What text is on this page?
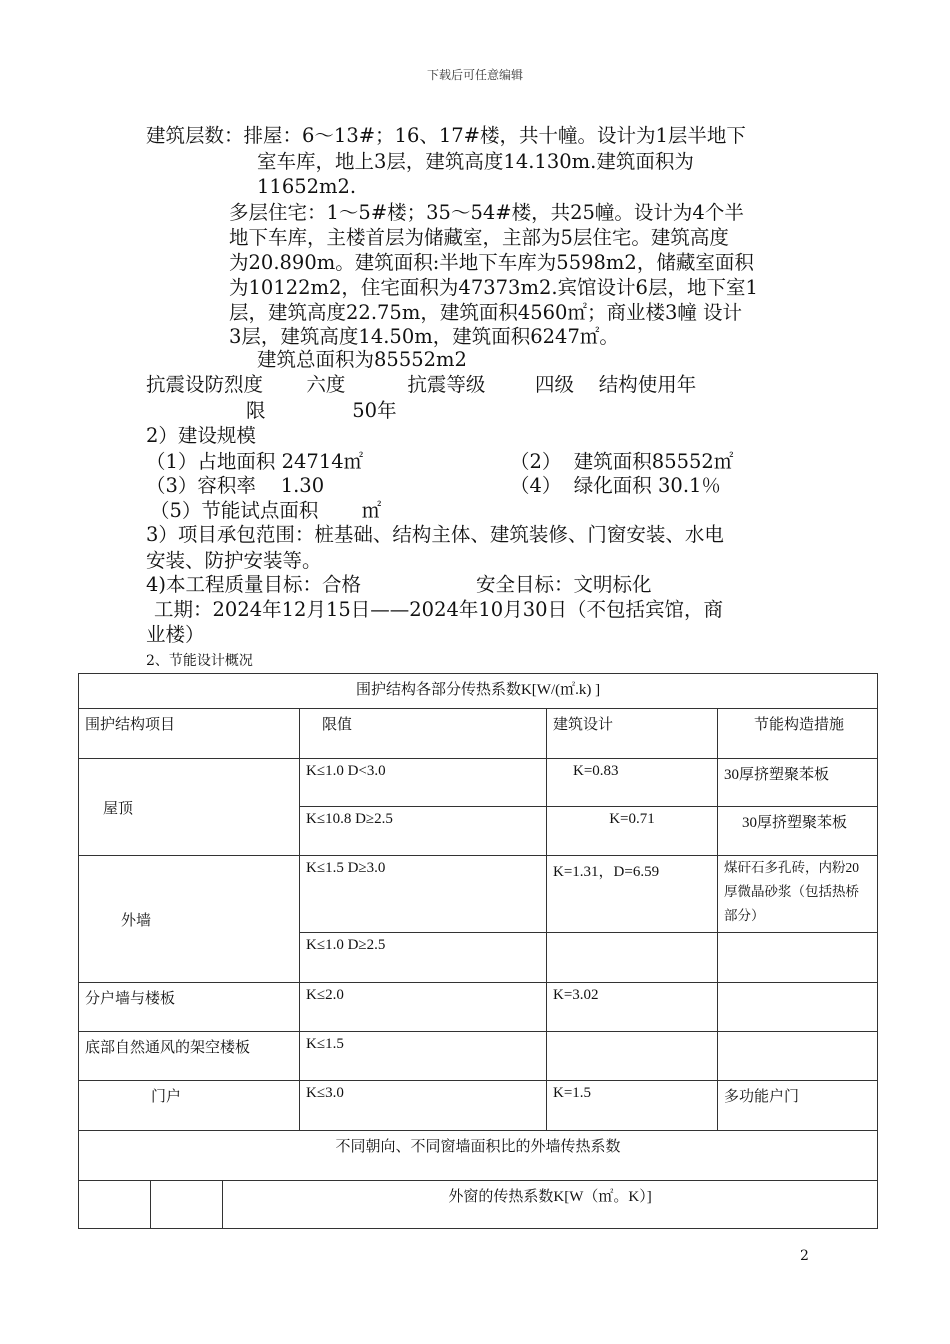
下载后可任意编辑
建筑层数：排屋：6～13#；16、17#楼，共十幢。设计为1层半地下
室车库，地上3层，建筑高度14.130m.建筑面积为
11652m2.
多层住宅：1～5#楼；35～54#楼，共25幢。设计为4个半
地下车库，主楼首层为储藏室，主部为5层住宅。建筑高度
为20.890m。建筑面积:半地下车库为5598m2，储藏室面积
为10122m2，住宅面积为47373m2.宾馆设计6层，地下室1
层，建筑高度22.75m，建筑面积4560㎡；商业楼3幢 设计
3层，建筑高度14.50m，建筑面积6247㎡。
建筑总面积为85552m2
抗震设防烈度       六度          抗震等级        四级    结构使用年
限              50年
2）建设规模
（1）占地面积 24714㎡	（2）  建筑面积85552㎡
（3）容积率    1.30	（4）  绿化面积 30.1％
（5）节能试点面积       ㎡
3）项目承包范围：桩基础、结构主体、建筑装修、门窗安装、水电
安装、防护安装等。
4)本工程质量目标：合格	安全目标：文明标化
工期：2024年12月15日——2024年10月30日（不包括宾馆，商
业楼）
2、节能设计概况
围护结构各部分传热系数K[W/(㎡.k) ]					
围护结构项目			限值	建筑设计	节能构造措施
屋顶			K≤1.0 D<3.0	K=0.83	30厚挤塑聚苯板
			K≤10.8 D≥2.5	K=0.71	30厚挤塑聚苯板
外墙			K≤1.5 D≥3.0	K=1.31，D=6.59	煤矸石多孔砖，内粉20厚微晶砂浆（包括热桥部分）
			K≤1.0 D≥2.5		
分户墙与楼板			K≤2.0	K=3.02	
底部自然通风的架空楼板			K≤1.5		
门户			K≤3.0	K=1.5	多功能户门
不同朝向、不同窗墙面积比的外墙传热系数					
		外窗的传热系数K[W（㎡。K）]			
2
